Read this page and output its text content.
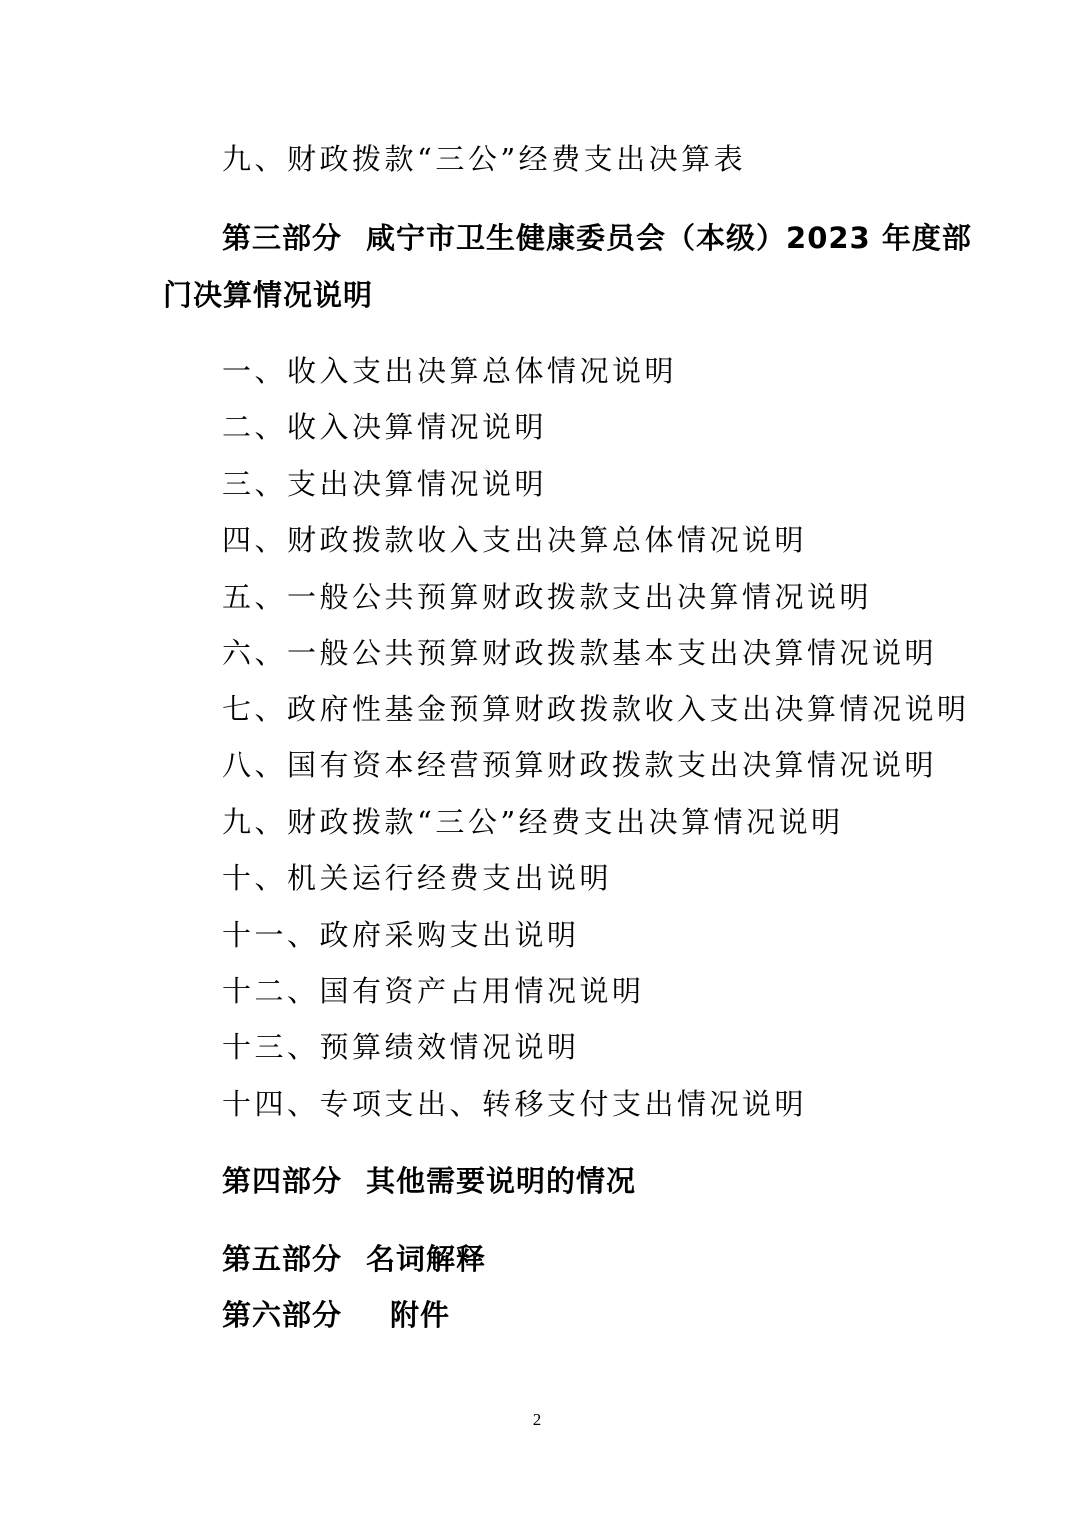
九、财政拨款“三公”经费支出决算表
第三部分 咸宁市卫生健康委员会（本级）2023 年度部
门决算情况说明
一、收入支出决算总体情况说明
二、收入决算情况说明
三、支出决算情况说明
四、财政拨款收入支出决算总体情况说明
五、一般公共预算财政拨款支出决算情况说明
六、一般公共预算财政拨款基本支出决算情况说明
七、政府性基金预算财政拨款收入支出决算情况说明
八、国有资本经营预算财政拨款支出决算情况说明
九、财政拨款“三公”经费支出决算情况说明
十、机关运行经费支出说明
十一、政府采购支出说明
十二、国有资产占用情况说明
十三、预算绩效情况说明
十四、专项支出、转移支付支出情况说明
第四部分 其他需要说明的情况
第五部分 名词解释
第六部分 附件
2
